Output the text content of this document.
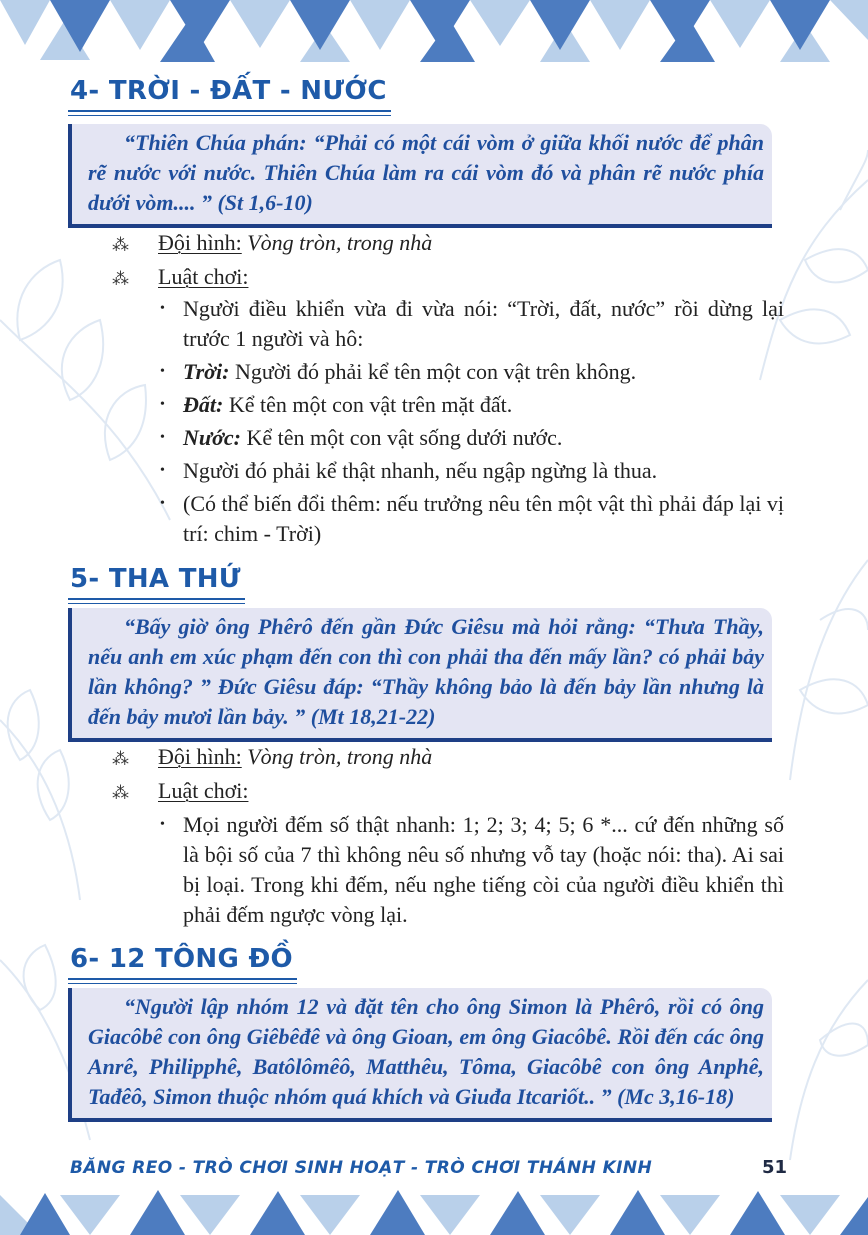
4- TRỜI - ĐẤT - NƯỚC

“Thiên Chúa phán: “Phải có một cái vòm ở giữa khối nước để phân rẽ nước với nước. Thiên Chúa làm ra cái vòm đó và phân rẽ nước phía dưới vòm.... ” (St 1,6-10)

⁂ Đội hình: Vòng tròn, trong nhà
⁂ Luật chơi:
• Người điều khiển vừa đi vừa nói: “Trời, đất, nước” rồi dừng lại trước 1 người và hô:
• Trời: Người đó phải kể tên một con vật trên không.
• Đất: Kể tên một con vật trên mặt đất.
• Nước: Kể tên một con vật sống dưới nước.
• Người đó phải kể thật nhanh, nếu ngập ngừng là thua.
• (Có thể biến đổi thêm: nếu trưởng nêu tên một vật thì phải đáp lại vị trí: chim - Trời)
5- THA THỨ

“Bấy giờ ông Phêrô đến gần Đức Giêsu mà hỏi rằng: “Thưa Thầy, nếu anh em xúc phạm đến con thì con phải tha đến mấy lần? có phải bảy lần không? ” Đức Giêsu đáp: “Thầy không bảo là đến bảy lần nhưng là đến bảy mươi lần bảy. ” (Mt 18,21-22)

⁂ Đội hình: Vòng tròn, trong nhà
⁂ Luật chơi:
• Mọi người đếm số thật nhanh: 1; 2; 3; 4; 5; 6 *... cứ đến những số là bội số của 7 thì không nêu số nhưng vỗ tay (hoặc nói: tha). Ai sai bị loại. Trong khi đếm, nếu nghe tiếng còi của người điều khiển thì phải đếm ngược vòng lại.
6- 12 TÔNG ĐỒ

“Người lập nhóm 12 và đặt tên cho ông Simon là Phêrô, rồi có ông Giacôbê con ông Giêbêđê và ông Gioan, em ông Giacôbê. Rồi đến các ông Anrê, Philipphê, Batôlômêô, Matthêu, Tôma, Giacôbê con ông Anphê, Tađêô, Simon thuộc nhóm quá khích và Giuđa Itcariốt.. ” (Mc 3,16-18)

BĂNG REO - TRÒ CHƠI SINH HOẠT - TRÒ CHƠI THÁNH KINH	51
